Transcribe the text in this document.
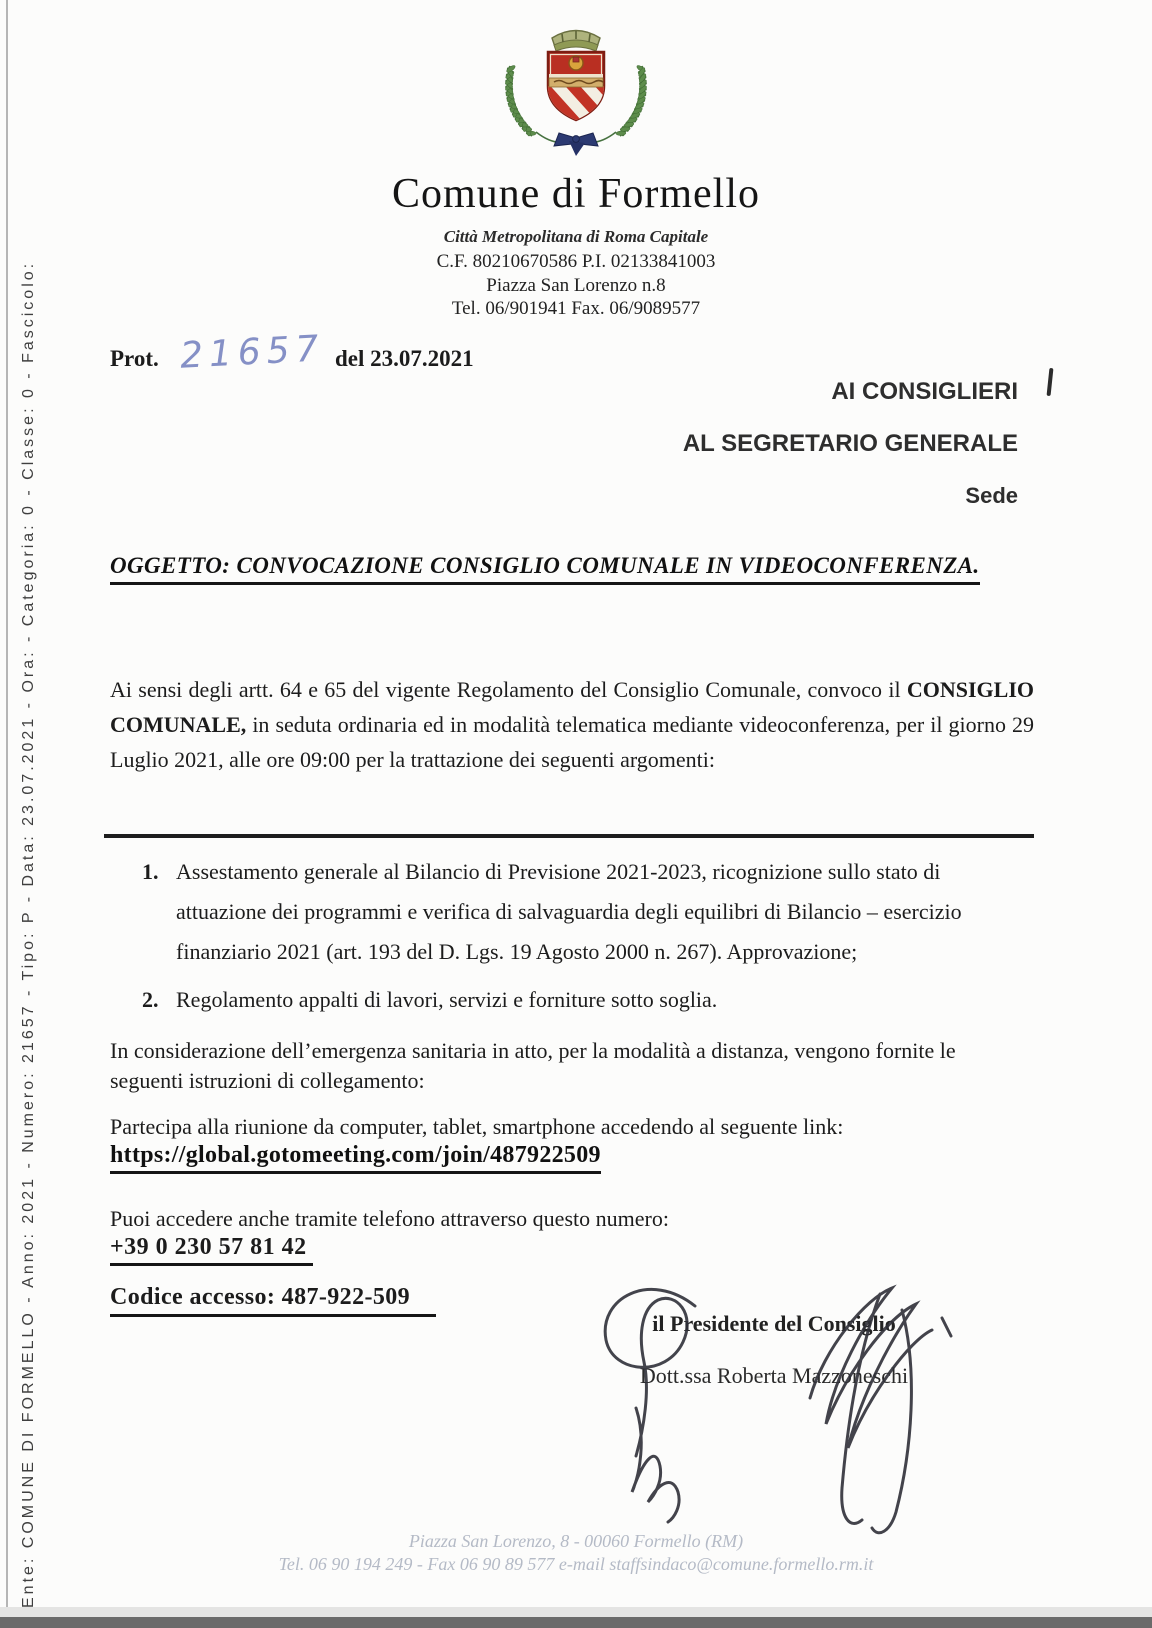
Ente: COMUNE DI FORMELLO - Anno: 2021 - Numero: 21657 - Tipo: P - Data: 23.07.2021 - Ora: - Categoria: 0 - Classe: 0 - Fascicolo:
Comune di Formello
Città Metropolitana di Roma Capitale
C.F. 80210670586 P.I. 02133841003
Piazza San Lorenzo n.8
Tel. 06/901941 Fax. 06/9089577
Prot. 21657 del 23.07.2021
AI CONSIGLIERI
AL SEGRETARIO GENERALE
Sede
OGGETTO: CONVOCAZIONE CONSIGLIO COMUNALE IN VIDEOCONFERENZA.
Ai sensi degli artt. 64 e 65 del vigente Regolamento del Consiglio Comunale, convoco il CONSIGLIO COMUNALE, in seduta ordinaria ed in modalità telematica mediante videoconferenza, per il giorno 29 Luglio 2021, alle ore 09:00 per la trattazione dei seguenti argomenti:
1. Assestamento generale al Bilancio di Previsione 2021-2023, ricognizione sullo stato di attuazione dei programmi e verifica di salvaguardia degli equilibri di Bilancio – esercizio finanziario 2021 (art. 193 del D. Lgs. 19 Agosto 2000 n. 267). Approvazione;
2. Regolamento appalti di lavori, servizi e forniture sotto soglia.
In considerazione dell’emergenza sanitaria in atto, per la modalità a distanza, vengono fornite le seguenti istruzioni di collegamento:
Partecipa alla riunione da computer, tablet, smartphone accedendo al seguente link:
https://global.gotomeeting.com/join/487922509
Puoi accedere anche tramite telefono attraverso questo numero:
+39 0 230 57 81 42
Codice accesso: 487-922-509
il Presidente del Consiglio
Dott.ssa Roberta Mazzoneschi
Piazza San Lorenzo, 8 - 00060 Formello (RM)
Tel. 06 90 194 249 - Fax 06 90 89 577 e-mail staffsindaco@comune.formello.rm.it
